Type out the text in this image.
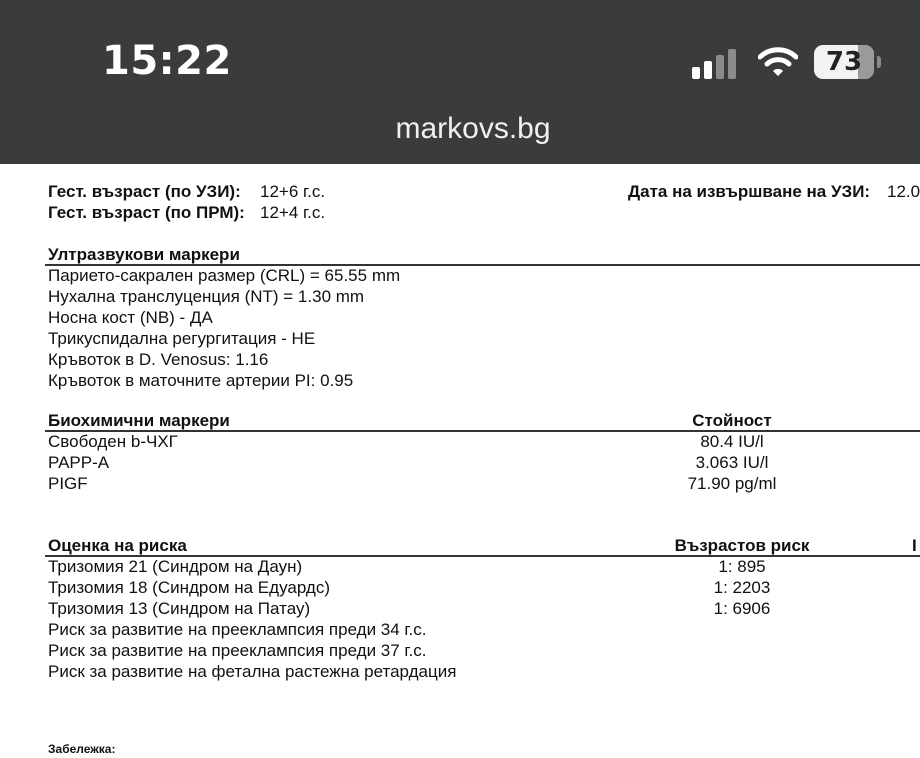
15:22	73
markovs.bg
Гест. възраст (по УЗИ): 12+6 г.с.
Гест. възраст (по ПРМ): 12+4 г.с.
Дата на извършване на УЗИ: 12.0
Ултразвукови маркери
Парието-сакрален размер (CRL) = 65.55 mm
Нухална транслуценция (NT) = 1.30 mm
Носна кост (NB) - ДА
Трикуспидална регургитация - НЕ
Кръвоток в D. Venosus: 1.16
Кръвоток в маточните артерии PI: 0.95
Биохимични маркери	Стойност
Свободен b-ЧХГ	80.4 IU/l
PAPP-A	3.063 IU/l
PIGF	71.90 pg/ml
Оценка на риска	Възрастов риск	I
Тризомия 21 (Синдром на Даун)	1: 895
Тризомия 18 (Синдром на Едуардс)	1: 2203
Тризомия 13 (Синдром на Патау)	1: 6906
Риск за развитие на прееклампсия преди 34 г.с.
Риск за развитие на прееклампсия преди 37 г.с.
Риск за развитие на фетална растежна ретардация
Забележка:
